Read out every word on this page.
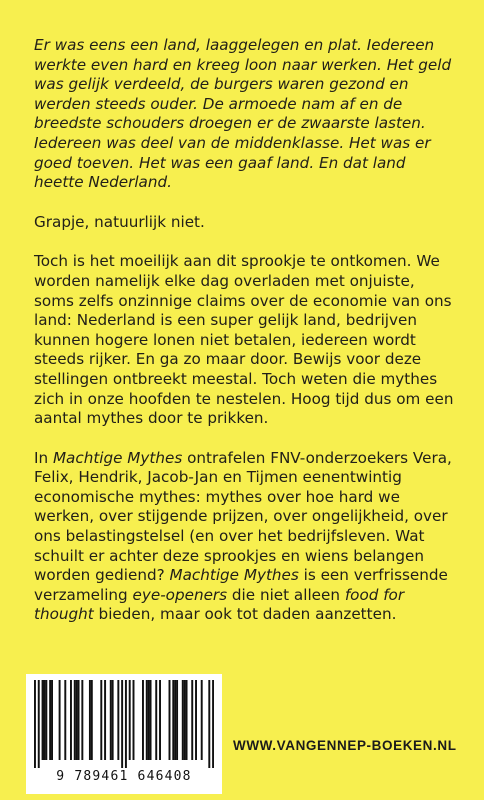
Er was eens een land, laaggelegen en plat. Iedereen werkte even hard en kreeg loon naar werken. Het geld was gelijk verdeeld, de burgers waren gezond en werden steeds ouder. De armoede nam af en de breedste schouders droegen er de zwaarste lasten. Iedereen was deel van de middenklasse. Het was er goed toeven. Het was een gaaf land. En dat land heette Nederland.

Grapje, natuurlijk niet.

Toch is het moeilijk aan dit sprookje te ontkomen. We worden namelijk elke dag overladen met onjuiste, soms zelfs onzinnige claims over de economie van ons land: Nederland is een super gelijk land, bedrijven kunnen hogere lonen niet betalen, iedereen wordt steeds rijker. En ga zo maar door. Bewijs voor deze stellingen ontbreekt meestal. Toch weten die mythes zich in onze hoofden te nestelen. Hoog tijd dus om een aantal mythes door te prikken.

In Machtige Mythes ontrafelen FNV-onderzoekers Vera, Felix, Hendrik, Jacob-Jan en Tijmen eenentwintig economische mythes: mythes over hoe hard we werken, over stijgende prijzen, over ongelijkheid, over ons belastingstelsel (en over het bedrijfsleven. Wat schuilt er achter deze sprookjes en wiens belangen worden gediend? Machtige Mythes is een verfrissende verzameling eye-openers die niet alleen food for thought bieden, maar ook tot daden aanzetten.

9 789461 646408
WWW.VANGENNEP-BOEKEN.NL
